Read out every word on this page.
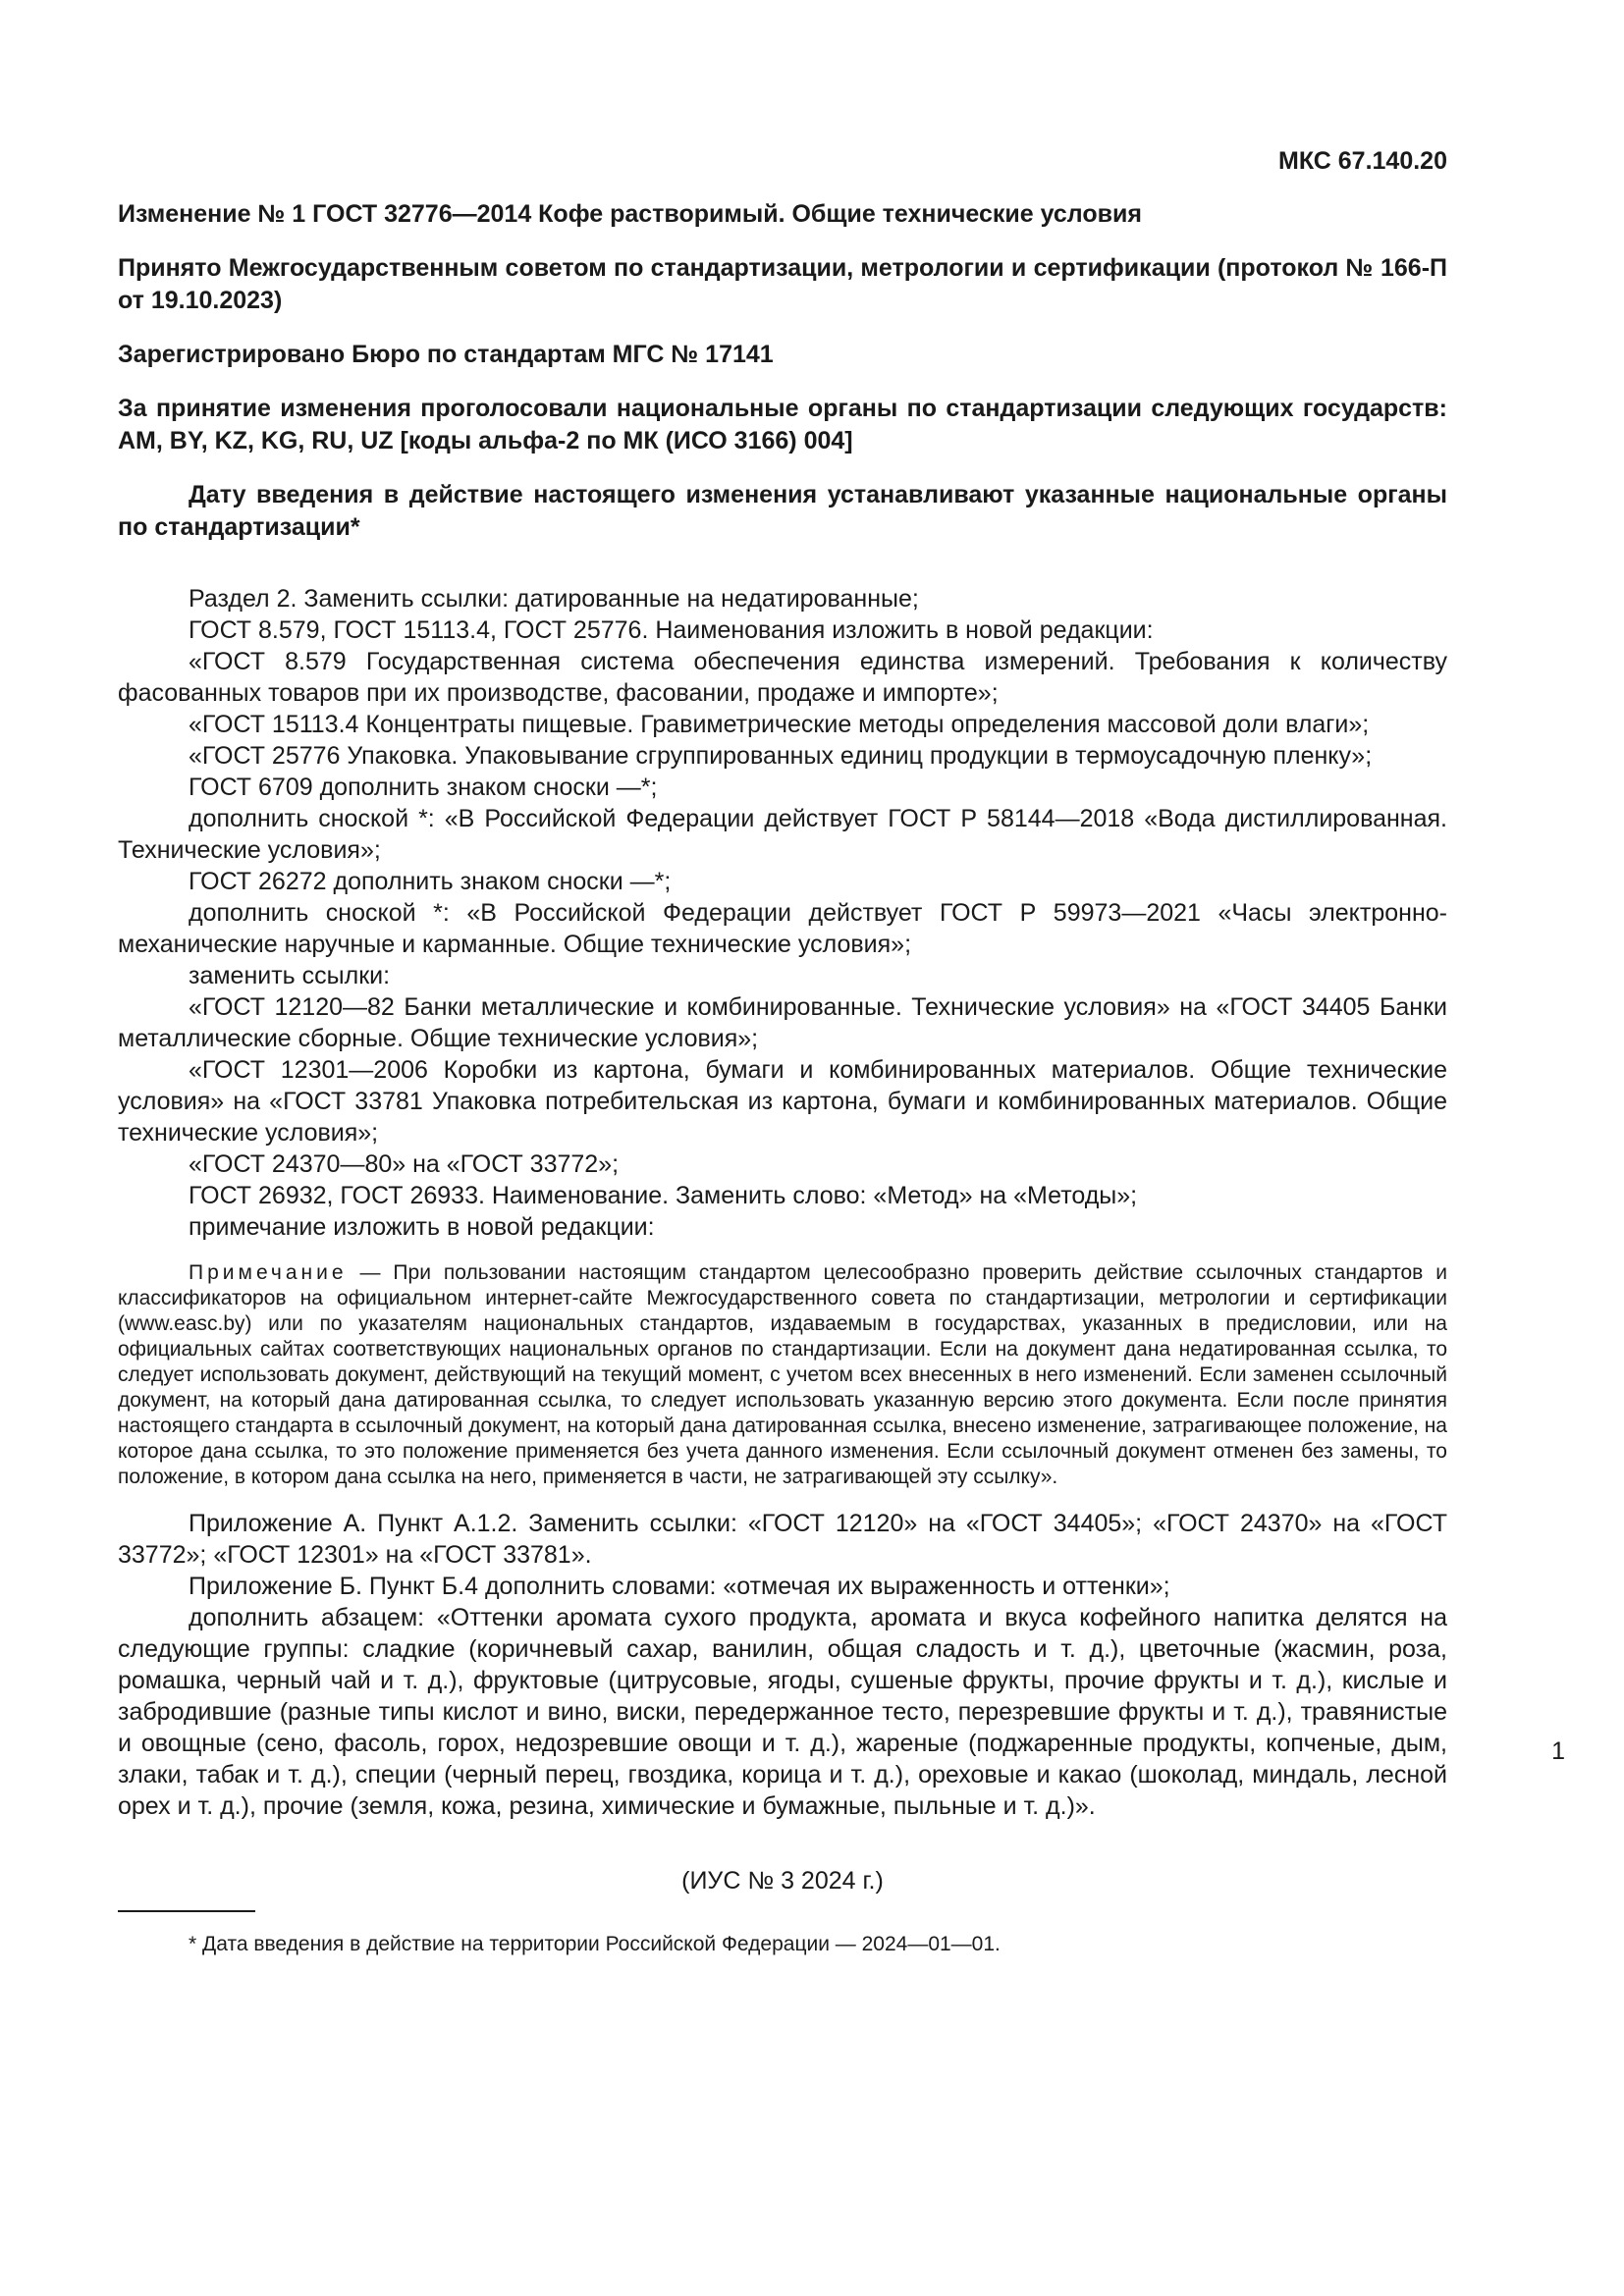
МКС 67.140.20

Изменение № 1 ГОСТ 32776—2014 Кофе растворимый. Общие технические условия

Принято Межгосударственным советом по стандартизации, метрологии и сертификации (протокол № 166-П от 19.10.2023)

Зарегистрировано Бюро по стандартам МГС № 17141

За принятие изменения проголосовали национальные органы по стандартизации следующих государств: AM, BY, KZ, KG, RU, UZ [коды альфа-2 по МК (ИСО 3166) 004]

Дату введения в действие настоящего изменения устанавливают указанные национальные органы по стандартизации*

Раздел 2. Заменить ссылки: датированные на недатированные;

ГОСТ 8.579, ГОСТ 15113.4, ГОСТ 25776. Наименования изложить в новой редакции:

«ГОСТ 8.579 Государственная система обеспечения единства измерений. Требования к количеству фасованных товаров при их производстве, фасовании, продаже и импорте»;

«ГОСТ 15113.4 Концентраты пищевые. Гравиметрические методы определения массовой доли влаги»;

«ГОСТ 25776 Упаковка. Упаковывание сгруппированных единиц продукции в термоусадочную пленку»;

ГОСТ 6709 дополнить знаком сноски —*;

дополнить сноской *: «В Российской Федерации действует ГОСТ Р 58144—2018 «Вода дистиллированная. Технические условия»;

ГОСТ 26272 дополнить знаком сноски —*;

дополнить сноской *: «В Российской Федерации действует ГОСТ Р 59973—2021 «Часы электронно-механические наручные и карманные. Общие технические условия»;

заменить ссылки:

«ГОСТ 12120—82 Банки металлические и комбинированные. Технические условия» на «ГОСТ 34405 Банки металлические сборные. Общие технические условия»;

«ГОСТ 12301—2006 Коробки из картона, бумаги и комбинированных материалов. Общие технические условия» на «ГОСТ 33781 Упаковка потребительская из картона, бумаги и комбинированных материалов. Общие технические условия»;

«ГОСТ 24370—80» на «ГОСТ 33772»;

ГОСТ 26932, ГОСТ 26933. Наименование. Заменить слово: «Метод» на «Методы»;

примечание изложить в новой редакции:

Примечание — При пользовании настоящим стандартом целесообразно проверить действие ссылочных стандартов и классификаторов на официальном интернет-сайте Межгосударственного совета по стандартизации, метрологии и сертификации (www.easc.by) или по указателям национальных стандартов, издаваемым в государствах, указанных в предисловии, или на официальных сайтах соответствующих национальных органов по стандартизации. Если на документ дана недатированная ссылка, то следует использовать документ, действующий на текущий момент, с учетом всех внесенных в него изменений. Если заменен ссылочный документ, на который дана датированная ссылка, то следует использовать указанную версию этого документа. Если после принятия настоящего стандарта в ссылочный документ, на который дана датированная ссылка, внесено изменение, затрагивающее положение, на которое дана ссылка, то это положение применяется без учета данного изменения. Если ссылочный документ отменен без замены, то положение, в котором дана ссылка на него, применяется в части, не затрагивающей эту ссылку».

Приложение А. Пункт А.1.2. Заменить ссылки: «ГОСТ 12120» на «ГОСТ 34405»; «ГОСТ 24370» на «ГОСТ 33772»; «ГОСТ 12301» на «ГОСТ 33781».

Приложение Б. Пункт Б.4 дополнить словами: «отмечая их выраженность и оттенки»;

дополнить абзацем: «Оттенки аромата сухого продукта, аромата и вкуса кофейного напитка делятся на следующие группы: сладкие (коричневый сахар, ванилин, общая сладость и т. д.), цветочные (жасмин, роза, ромашка, черный чай и т. д.), фруктовые (цитрусовые, ягоды, сушеные фрукты, прочие фрукты и т. д.), кислые и забродившие (разные типы кислот и вино, виски, передержанное тесто, перезревшие фрукты и т. д.), травянистые и овощные (сено, фасоль, горох, недозревшие овощи и т. д.), жареные (поджаренные продукты, копченые, дым, злаки, табак и т. д.), специи (черный перец, гвоздика, корица и т. д.), ореховые и какао (шоколад, миндаль, лесной орех и т. д.), прочие (земля, кожа, резина, химические и бумажные, пыльные и т. д.)».

(ИУС № 3 2024 г.)
* Дата введения в действие на территории Российской Федерации — 2024—01—01.
1
